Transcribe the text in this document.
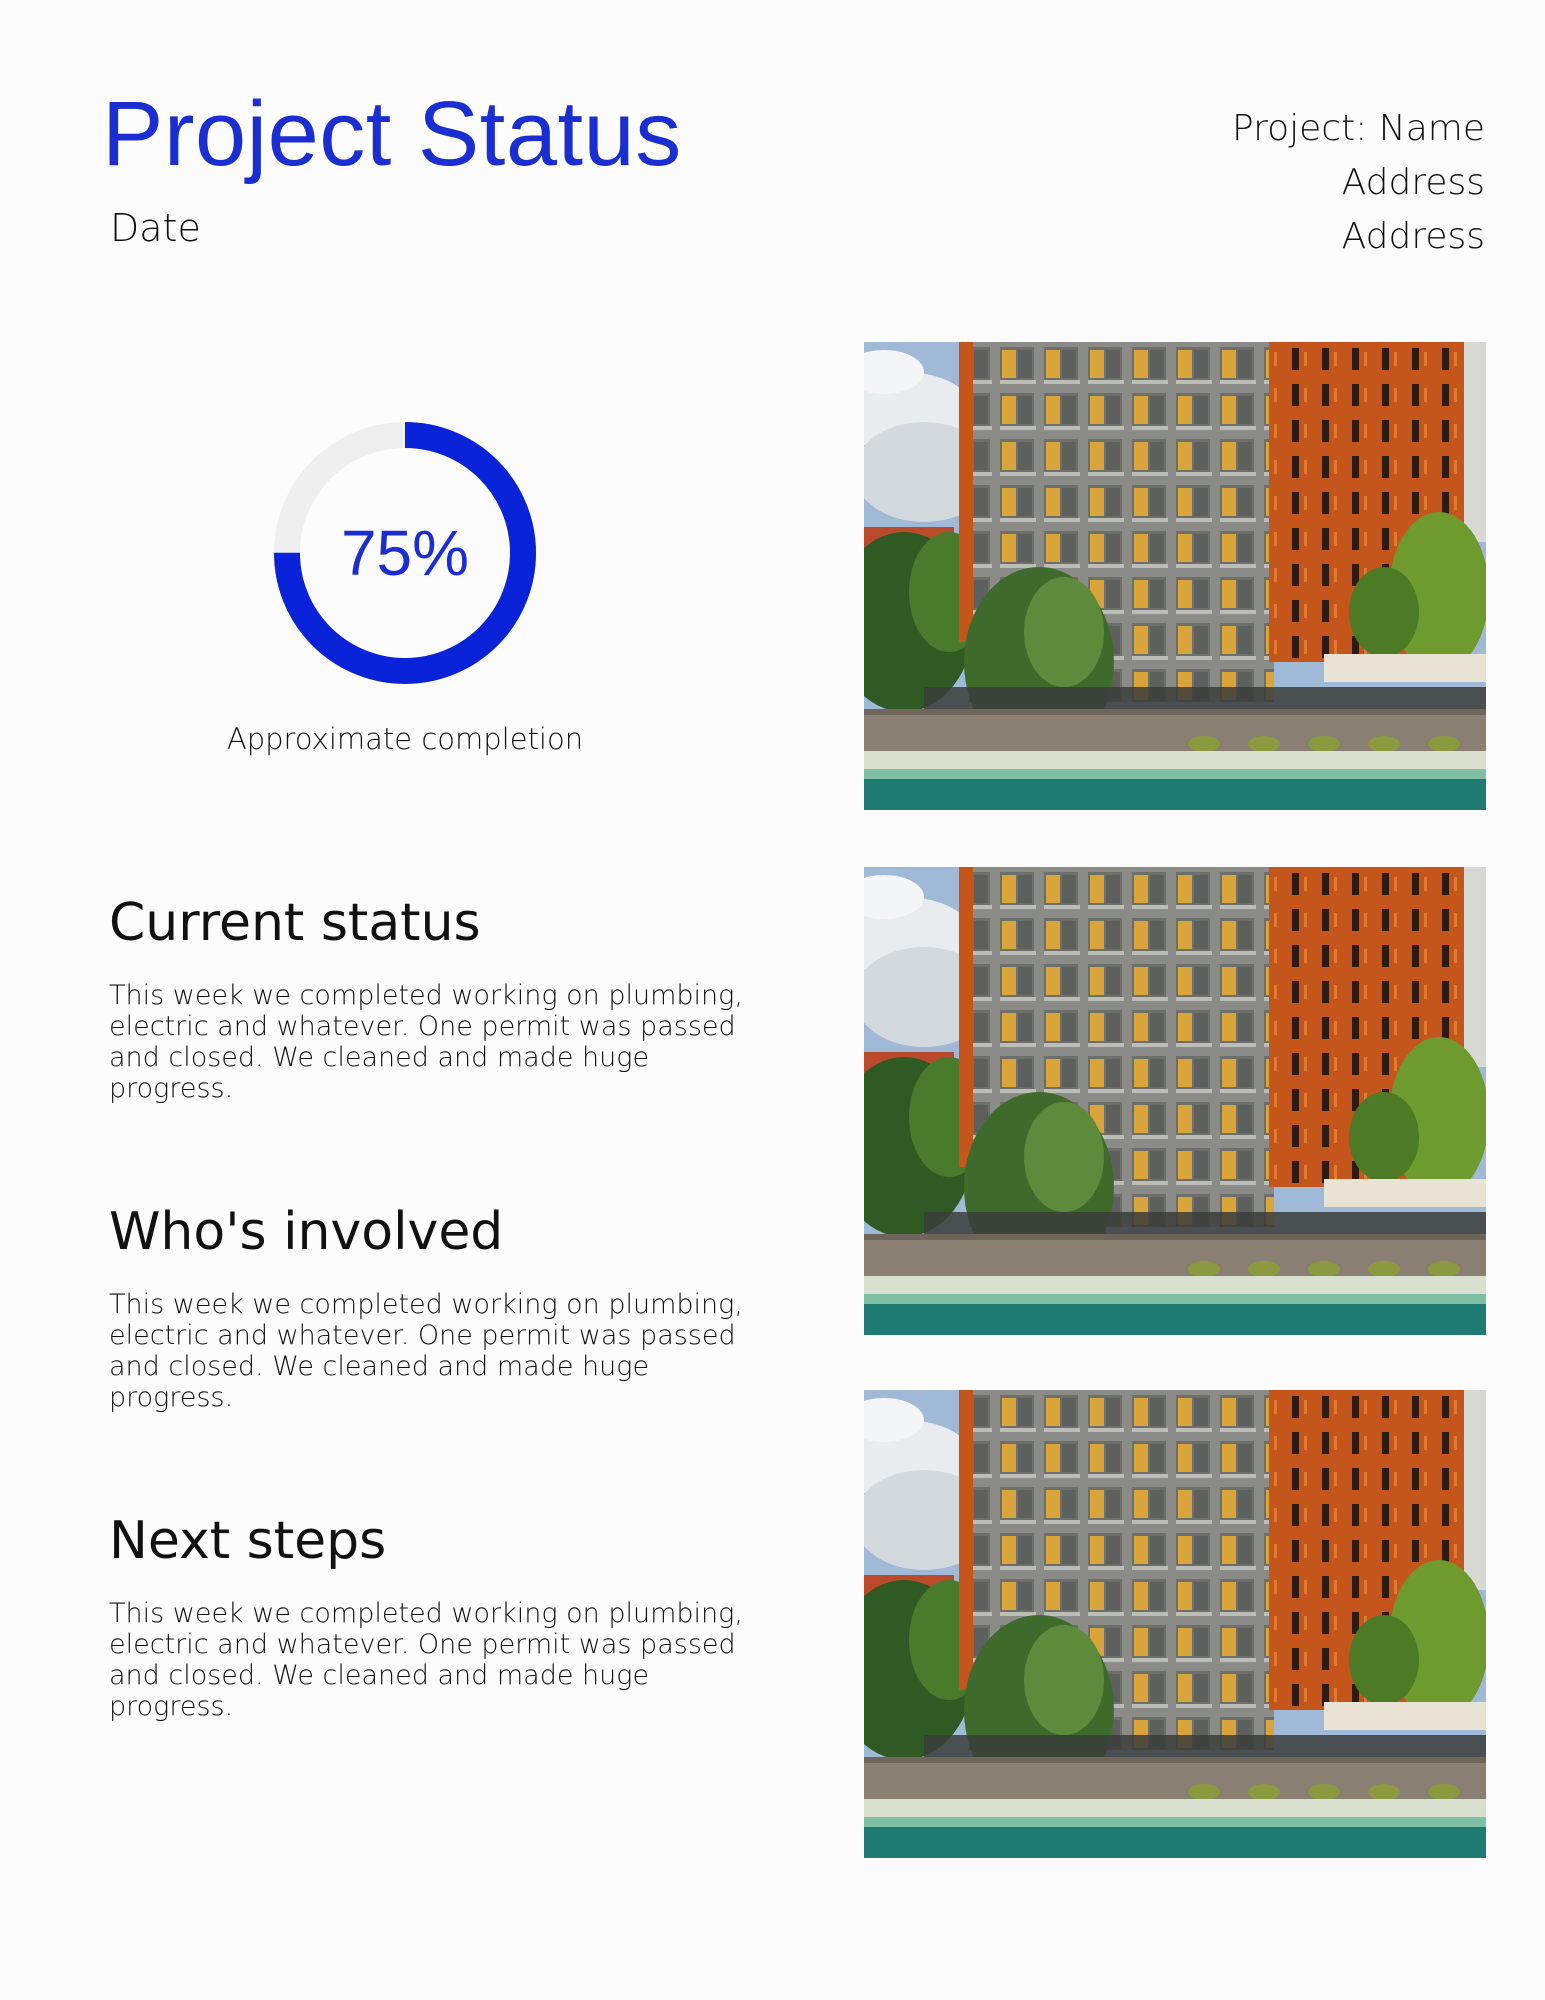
Project Status
Date
Project: Name
Address
Address
75%
Approximate completion
Current status

This week we completed working on plumbing, electric and whatever. One permit was passed and closed. We cleaned and made huge progress.

Who's involved

This week we completed working on plumbing, electric and whatever. One permit was passed and closed. We cleaned and made huge progress.

Next steps

This week we completed working on plumbing, electric and whatever. One permit was passed and closed. We cleaned and made huge progress.
